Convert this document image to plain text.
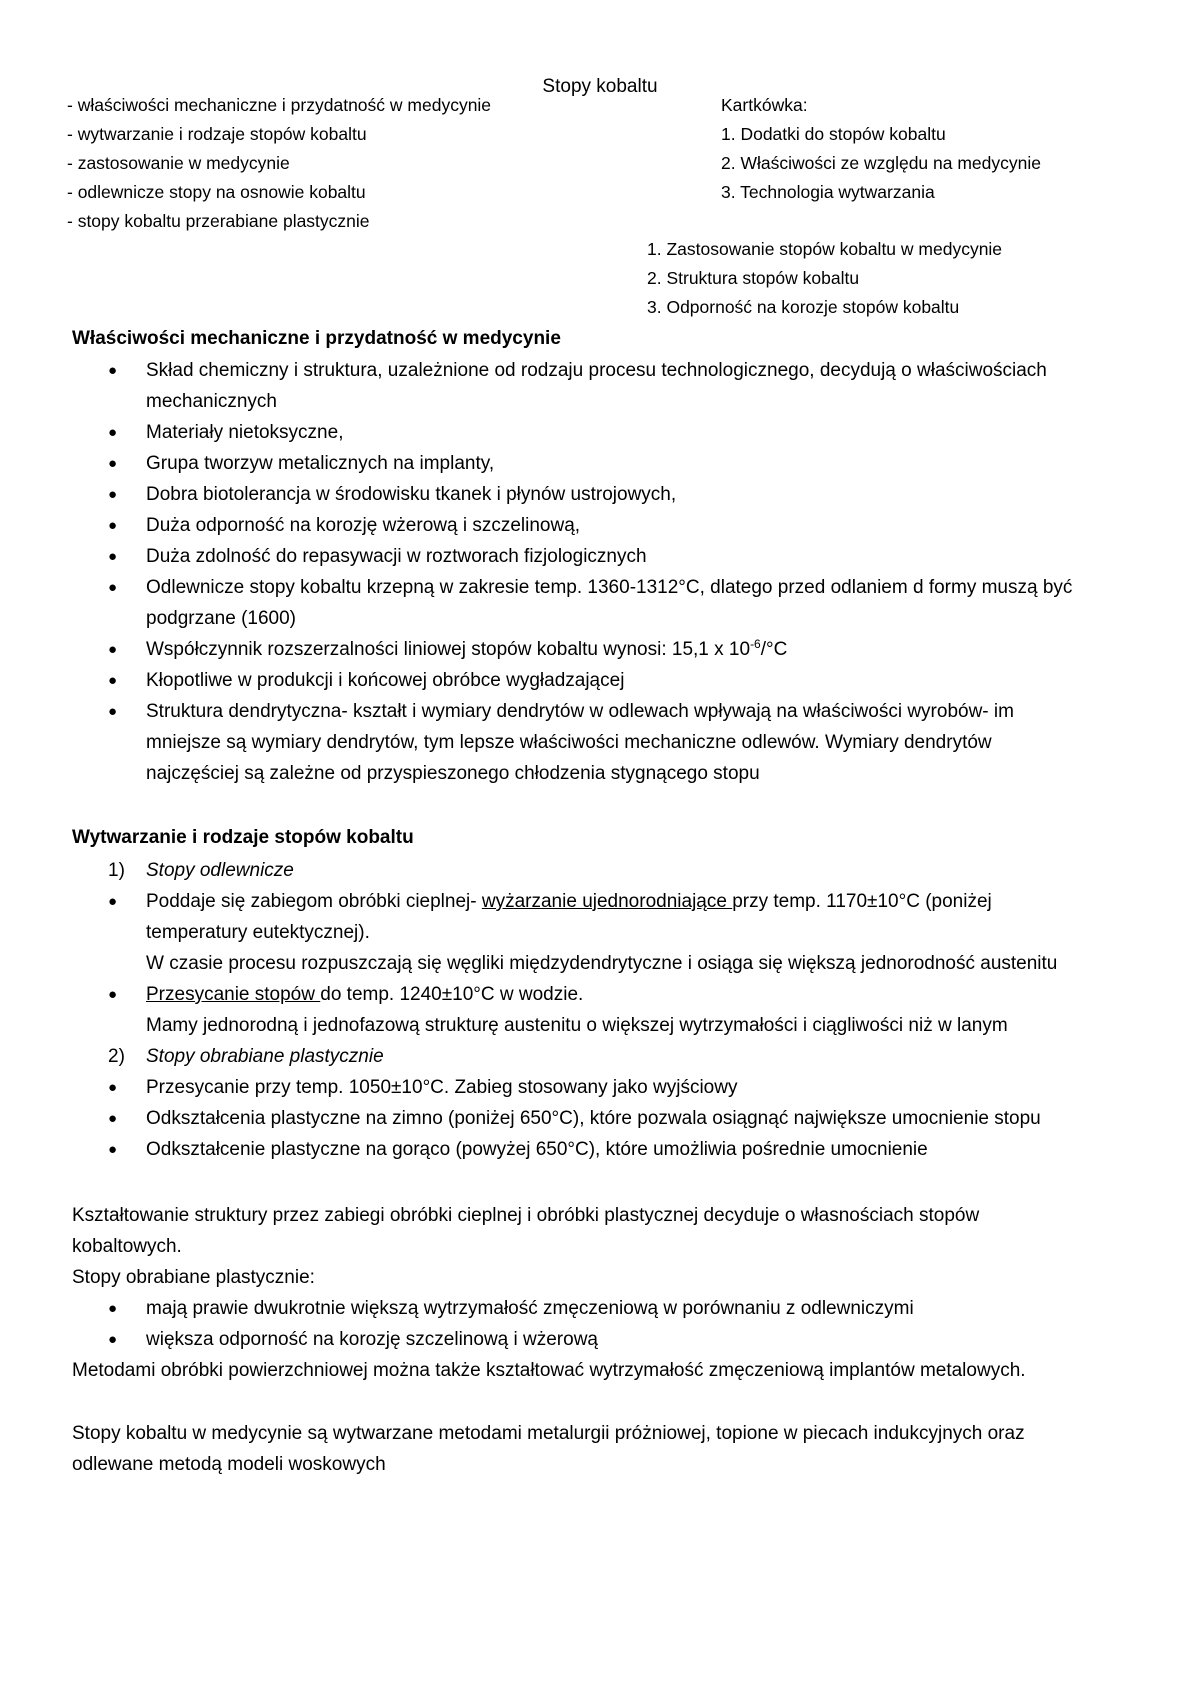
Stopy kobaltu
- właściwości mechaniczne i przydatność w medycynie
- wytwarzanie i rodzaje stopów kobaltu
- zastosowanie w medycynie
- odlewnicze stopy na osnowie kobaltu
- stopy kobaltu przerabiane plastycznie
Kartkówka:
1. Dodatki do stopów kobaltu
2. Właściwości ze względu na medycynie
3. Technologia wytwarzania
1. Zastosowanie stopów kobaltu w medycynie
2. Struktura stopów kobaltu
3. Odporność na korozje stopów kobaltu
Właściwości mechaniczne i przydatność w medycynie
● Skład chemiczny i struktura, uzależnione od rodzaju procesu technologicznego, decydują o właściwościach
mechanicznych
● Materiały nietoksyczne,
● Grupa tworzyw metalicznych na implanty,
● Dobra biotolerancja w środowisku tkanek i płynów ustrojowych,
● Duża odporność na korozję wżerową i szczelinową,
● Duża zdolność do repasywacji w roztworach fizjologicznych
● Odlewnicze stopy kobaltu krzepną w zakresie temp. 1360-1312°C, dlatego przed odlaniem d formy muszą być
podgrzane (1600)
● Współczynnik rozszerzalności liniowej stopów kobaltu wynosi: 15,1 x $10^{-6}/^\circ C$
● Kłopotliwe w produkcji i końcowej obróbce wygładzającej
● Struktura dendrytyczna- kształt i wymiary dendrytów w odlewach wpływają na właściwości wyrobów- im
mniejsze są wymiary dendrytów, tym lepsze właściwości mechaniczne odlewów. Wymiary dendrytów
najczęściej są zależne od przyspieszonego chłodzenia stygnącego stopu
Wytwarzanie i rodzaje stopów kobaltu
1) Stopy odlewnicze
● Poddaje się zabiegom obróbki cieplnej- wyżarzanie ujednorodniające przy temp. 1170±10°C (poniżej
temperatury eutektycznej).
W czasie procesu rozpuszczają się węgliki międzydendrytyczne i osiąga się większą jednorodność austenitu
● Przesycanie stopów do temp. 1240±10°C w wodzie.
Mamy jednorodną i jednofazową strukturę austenitu o większej wytrzymałości i ciągliwości niż w lanym
2) Stopy obrabiane plastycznie
● Przesycanie przy temp. 1050±10°C. Zabieg stosowany jako wyjściowy
● Odkształcenia plastyczne na zimno (poniżej 650°C), które pozwala osiągnąć największe umocnienie stopu
● Odkształcenie plastyczne na gorąco (powyżej 650°C), które umożliwia pośrednie umocnienie
Kształtowanie struktury przez zabiegi obróbki cieplnej i obróbki plastycznej decyduje o własnościach stopów
kobaltowych.
Stopy obrabiane plastycznie:
● mają prawie dwukrotnie większą wytrzymałość zmęczeniową w porównaniu z odlewniczymi
● większa odporność na korozję szczelinową i wżerową
Metodami obróbki powierzchniowej można także kształtować wytrzymałość zmęczeniową implantów metalowych.
Stopy kobaltu w medycynie są wytwarzane metodami metalurgii próżniowej, topione w piecach indukcyjnych oraz
odlewane metodą modeli woskowych
